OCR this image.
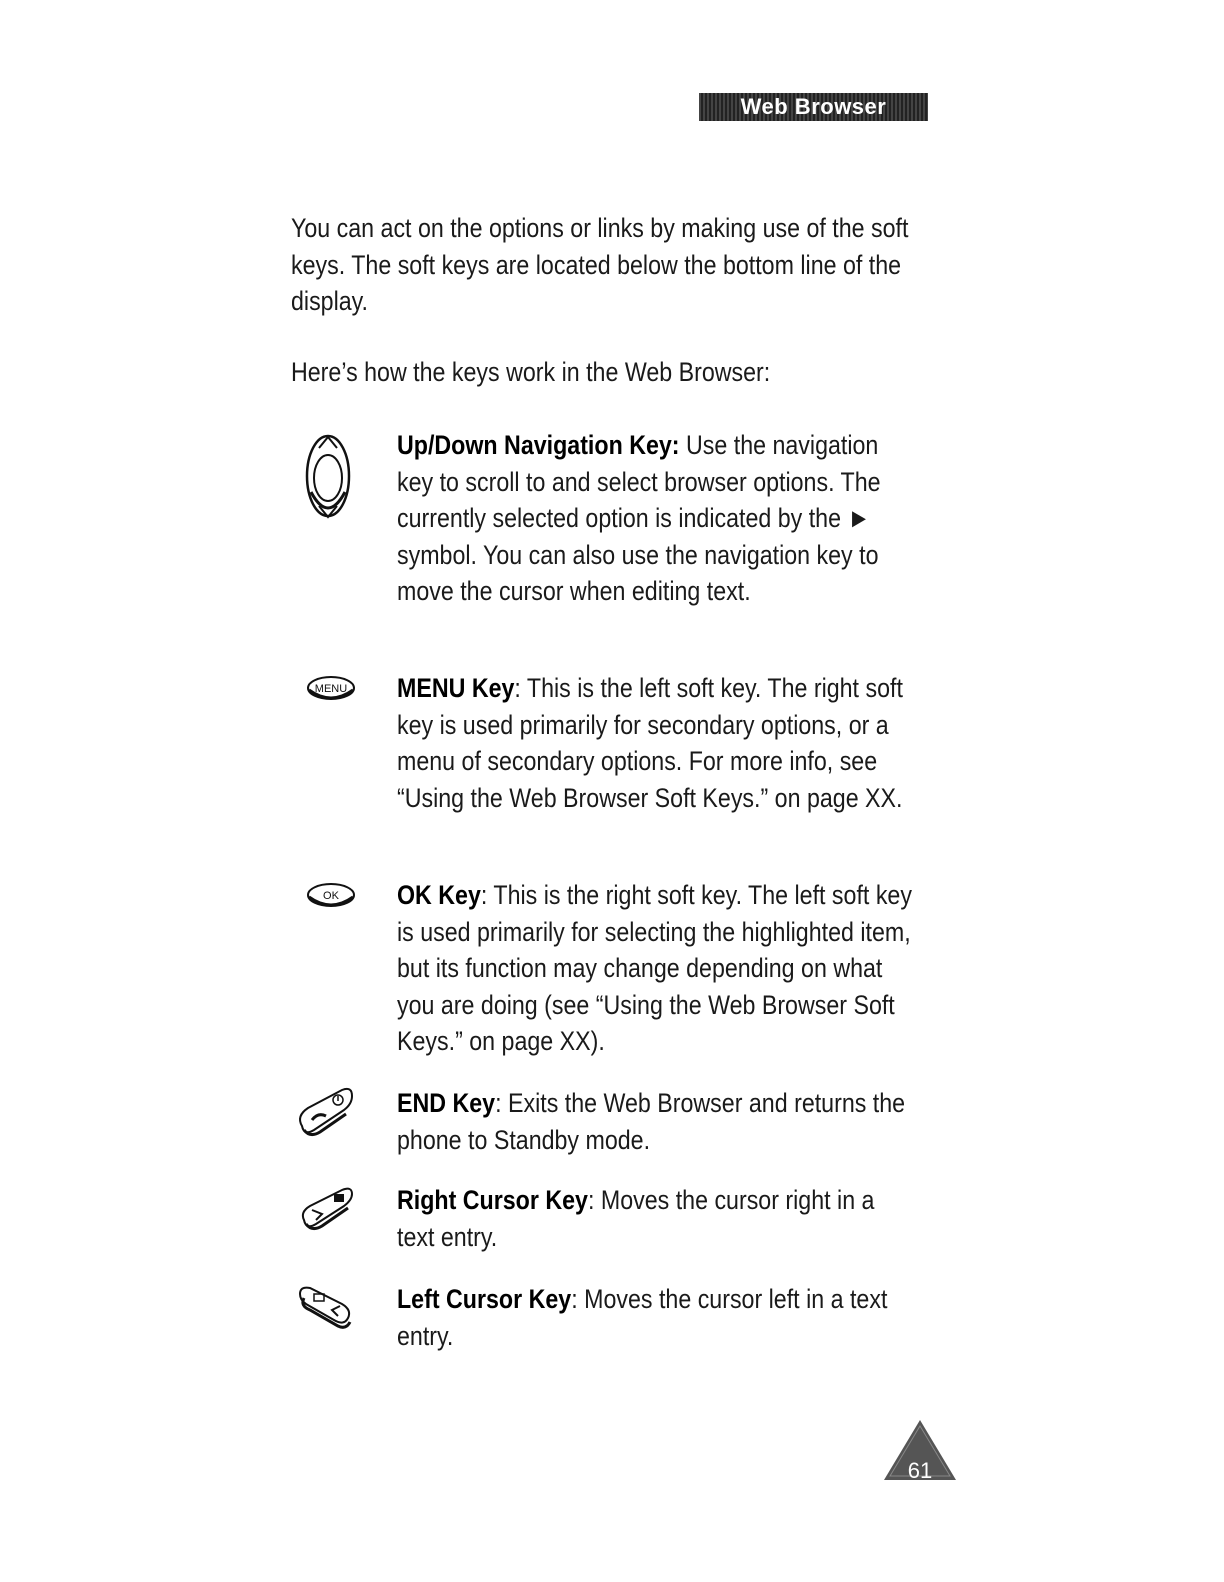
Web Browser
You can act on the options or links by making use of the soft keys. The soft keys are located below the bottom line of the display.
Here’s how the keys work in the Web Browser:
Up/Down Navigation Key: Use the navigation key to scroll to and select browser options. The currently selected option is indicated by the ► symbol. You can also use the navigation key to move the cursor when editing text.
MENU MENU Key: This is the left soft key. The right soft key is used primarily for secondary options, or a menu of secondary options. For more info, see “Using the Web Browser Soft Keys.” on page XX.
OK OK Key: This is the right soft key. The left soft key is used primarily for selecting the highlighted item, but its function may change depending on what you are doing (see “Using the Web Browser Soft Keys.” on page XX).
END Key: Exits the Web Browser and returns the phone to Standby mode.
Right Cursor Key: Moves the cursor right in a text entry.
Left Cursor Key: Moves the cursor left in a text entry.
61
